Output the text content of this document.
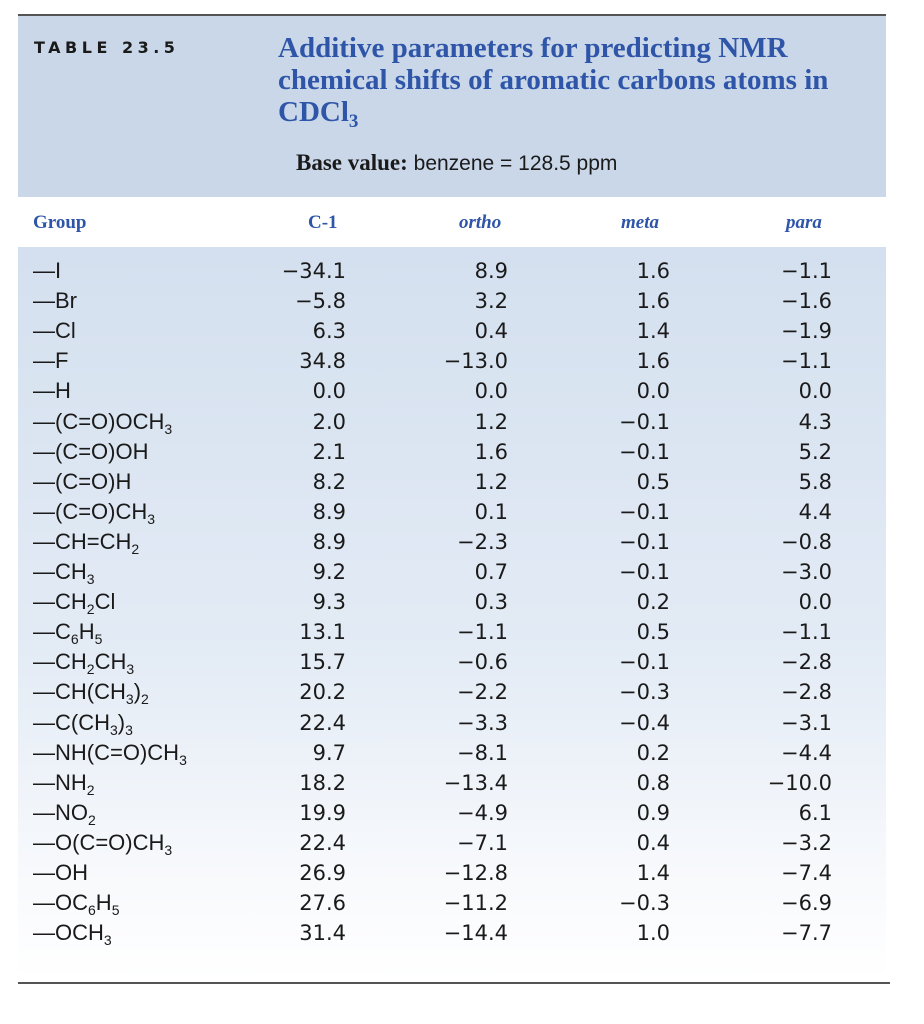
TABLE 23.5	Additive parameters for predicting NMR
chemical shifts of aromatic carbons atoms in
CDCl$_3$
Base value: benzene = 128.5 ppm
Group	C-1	ortho	meta	para
—I	−34.1	8.9	1.6	−1.1
—Br	−5.8	3.2	1.6	−1.6
—Cl	6.3	0.4	1.4	−1.9
—F	34.8	−13.0	1.6	−1.1
—H	0.0	0.0	0.0	0.0
$—(C=O)OCH_3$	2.0	1.2	−0.1	4.3
—(C=O)OH	2.1	1.6	−0.1	5.2
—(C=O)H	8.2	1.2	0.5	5.8
$—(C=O)CH_3$	8.9	0.1	−0.1	4.4
$—CH=CH_2$	8.9	−2.3	−0.1	−0.8
$—CH_3$	9.2	0.7	−0.1	−3.0
$—CH_2Cl$	9.3	0.3	0.2	0.0
$—C_6H_5$	13.1	−1.1	0.5	−1.1
$—CH_2CH_3$	15.7	−0.6	−0.1	−2.8
$—CH(CH_3)_2$	20.2	−2.2	−0.3	−2.8
$—C(CH_3)_3$	22.4	−3.3	−0.4	−3.1
$—NH(C=O)CH_3$	9.7	−8.1	0.2	−4.4
$—NH_2$	18.2	−13.4	0.8	−10.0
$—NO_2$	19.9	−4.9	0.9	6.1
$—O(C=O)CH_3$	22.4	−7.1	0.4	−3.2
—OH	26.9	−12.8	1.4	−7.4
$—OC_6H_5$	27.6	−11.2	−0.3	−6.9
$—OCH_3$	31.4	−14.4	1.0	−7.7
